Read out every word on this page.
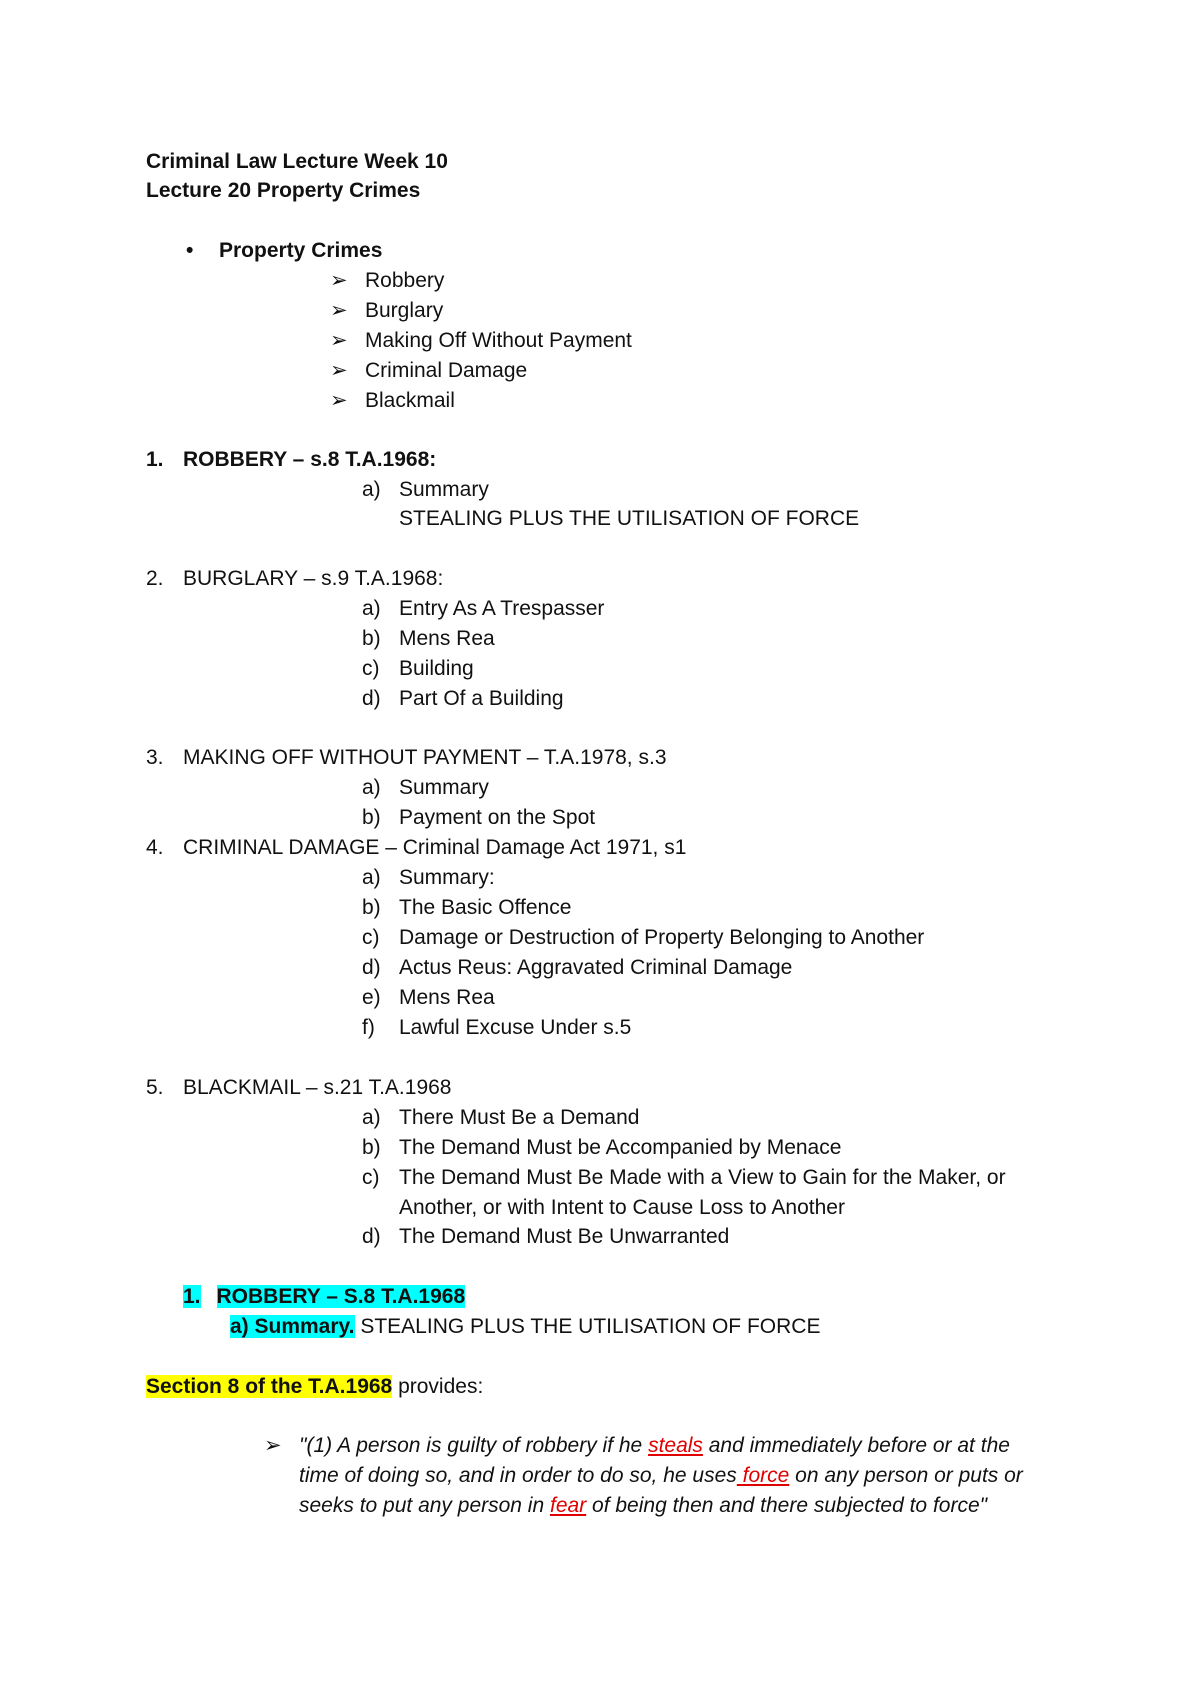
Criminal Law Lecture Week 10
Lecture 20 Property Crimes
• Property Crimes
➢ Robbery
➢ Burglary
➢ Making Off Without Payment
➢ Criminal Damage
➢ Blackmail
1. ROBBERY – s.8 T.A.1968:
a) Summary
STEALING PLUS THE UTILISATION OF FORCE
2. BURGLARY – s.9 T.A.1968:
a) Entry As A Trespasser
b) Mens Rea
c) Building
d) Part Of a Building
3. MAKING OFF WITHOUT PAYMENT – T.A.1978, s.3
a) Summary
b) Payment on the Spot
4. CRIMINAL DAMAGE – Criminal Damage Act 1971, s1
a) Summary:
b) The Basic Offence
c) Damage or Destruction of Property Belonging to Another
d) Actus Reus: Aggravated Criminal Damage
e) Mens Rea
f) Lawful Excuse Under s.5
5. BLACKMAIL – s.21 T.A.1968
a) There Must Be a Demand
b) The Demand Must be Accompanied by Menace
c) The Demand Must Be Made with a View to Gain for the Maker, or
Another, or with Intent to Cause Loss to Another
d) The Demand Must Be Unwarranted
1. ROBBERY – S.8 T.A.1968
a) Summary. STEALING PLUS THE UTILISATION OF FORCE
Section 8 of the T.A.1968 provides:
➢ "(1) A person is guilty of robbery if he steals and immediately before or at the
time of doing so, and in order to do so, he uses force on any person or puts or
seeks to put any person in fear of being then and there subjected to force"
